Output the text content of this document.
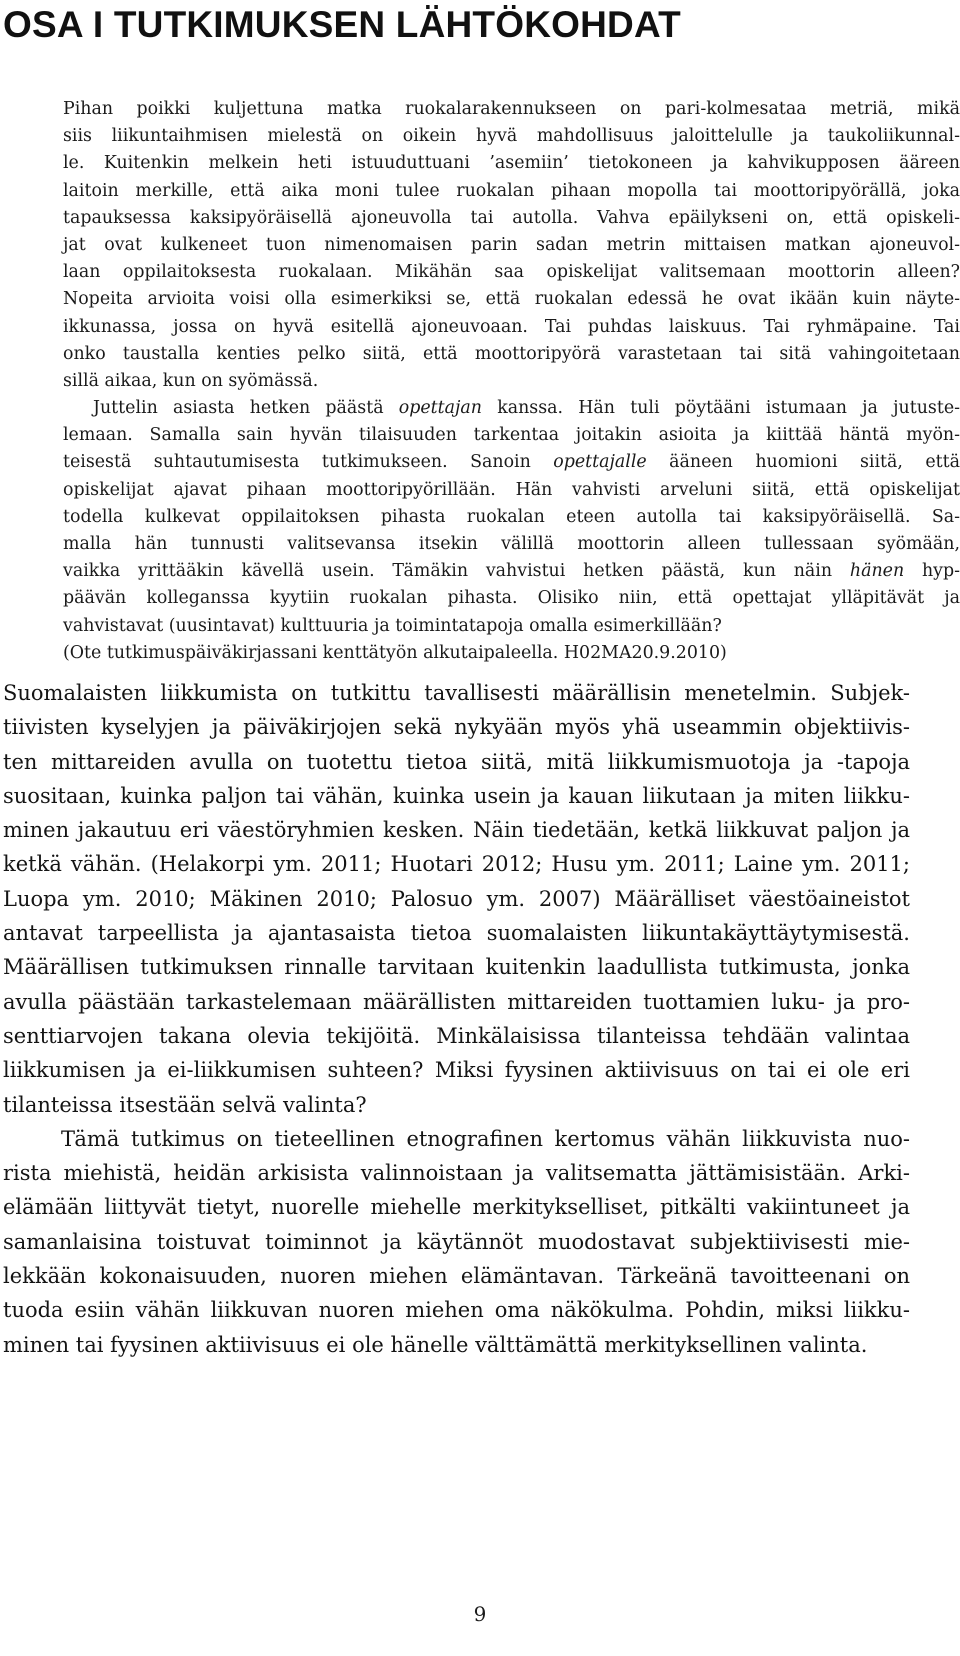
OSA I TUTKIMUKSEN LÄHTÖKOHDAT

Pihan poikki kuljettuna matka ruokalarakennukseen on pari-kolmesataa metriä, mikä
siis liikuntaihmisen mielestä on oikein hyvä mahdollisuus jaloittelulle ja taukoliikunnal-
le. Kuitenkin melkein heti istuuduttuani ’asemiin’ tietokoneen ja kahvikupposen ääreen
laitoin merkille, että aika moni tulee ruokalan pihaan mopolla tai moottoripyörällä, joka
tapauksessa kaksipyöräisellä ajoneuvolla tai autolla. Vahva epäilykseni on, että opiskeli-
jat ovat kulkeneet tuon nimenomaisen parin sadan metrin mittaisen matkan ajoneuvol-
laan oppilaitoksesta ruokalaan. Mikähän saa opiskelijat valitsemaan moottorin alleen?
Nopeita arvioita voisi olla esimerkiksi se, että ruokalan edessä he ovat ikään kuin näyte-
ikkunassa, jossa on hyvä esitellä ajoneuvoaan. Tai puhdas laiskuus. Tai ryhmäpaine. Tai
onko taustalla kenties pelko siitä, että moottoripyörä varastetaan tai sitä vahingoitetaan
sillä aikaa, kun on syömässä.

Juttelin asiasta hetken päästä opettajan kanssa. Hän tuli pöytääni istumaan ja jutuste-
lemaan. Samalla sain hyvän tilaisuuden tarkentaa joitakin asioita ja kiittää häntä myön-
teisestä suhtautumisesta tutkimukseen. Sanoin opettajalle ääneen huomioni siitä, että
opiskelijat ajavat pihaan moottoripyörillään. Hän vahvisti arveluni siitä, että opiskelijat
todella kulkevat oppilaitoksen pihasta ruokalan eteen autolla tai kaksipyöräisellä. Sa-
malla hän tunnusti valitsevansa itsekin välillä moottorin alleen tullessaan syömään,
vaikka yrittääkin kävellä usein. Tämäkin vahvistui hetken päästä, kun näin hänen hyp-
päävän kolleganssa kyytiin ruokalan pihasta. Olisiko niin, että opettajat ylläpitävät ja
vahvistavat (uusintavat) kulttuuria ja toimintatapoja omalla esimerkillään?
(Ote tutkimuspäiväkirjassani kenttätyön alkutaipaleella. H02MA20.9.2010)

Suomalaisten liikkumista on tutkittu tavallisesti määrällisin menetelmin. Subjek-
tiivisten kyselyjen ja päiväkirjojen sekä nykyään myös yhä useammin objektiivis-
ten mittareiden avulla on tuotettu tietoa siitä, mitä liikkumismuotoja ja -tapoja
suositaan, kuinka paljon tai vähän, kuinka usein ja kauan liikutaan ja miten liikku-
minen jakautuu eri väestöryhmien kesken. Näin tiedetään, ketkä liikkuvat paljon ja
ketkä vähän. (Helakorpi ym. 2011; Huotari 2012; Husu ym. 2011; Laine ym. 2011;
Luopa ym. 2010; Mäkinen 2010; Palosuo ym. 2007) Määrälliset väestöaineistot
antavat tarpeellista ja ajantasaista tietoa suomalaisten liikuntakäyttäytymisestä.
Määrällisen tutkimuksen rinnalle tarvitaan kuitenkin laadullista tutkimusta, jonka
avulla päästään tarkastelemaan määrällisten mittareiden tuottamien luku- ja pro-
senttiarvojen takana olevia tekijöitä. Minkälaisissa tilanteissa tehdään valintaa
liikkumisen ja ei-liikkumisen suhteen? Miksi fyysinen aktiivisuus on tai ei ole eri
tilanteissa itsestään selvä valinta?

Tämä tutkimus on tieteellinen etnografinen kertomus vähän liikkuvista nuo-
rista miehistä, heidän arkisista valinnoistaan ja valitsematta jättämisistään. Arki-
elämään liittyvät tietyt, nuorelle miehelle merkitykselliset, pitkälti vakiintuneet ja
samanlaisina toistuvat toiminnot ja käytännöt muodostavat subjektiivisesti mie-
lekkään kokonaisuuden, nuoren miehen elämäntavan. Tärkeänä tavoitteenani on
tuoda esiin vähän liikkuvan nuoren miehen oma näkökulma. Pohdin, miksi liikku-
minen tai fyysinen aktiivisuus ei ole hänelle välttämättä merkityksellinen valinta.

9
